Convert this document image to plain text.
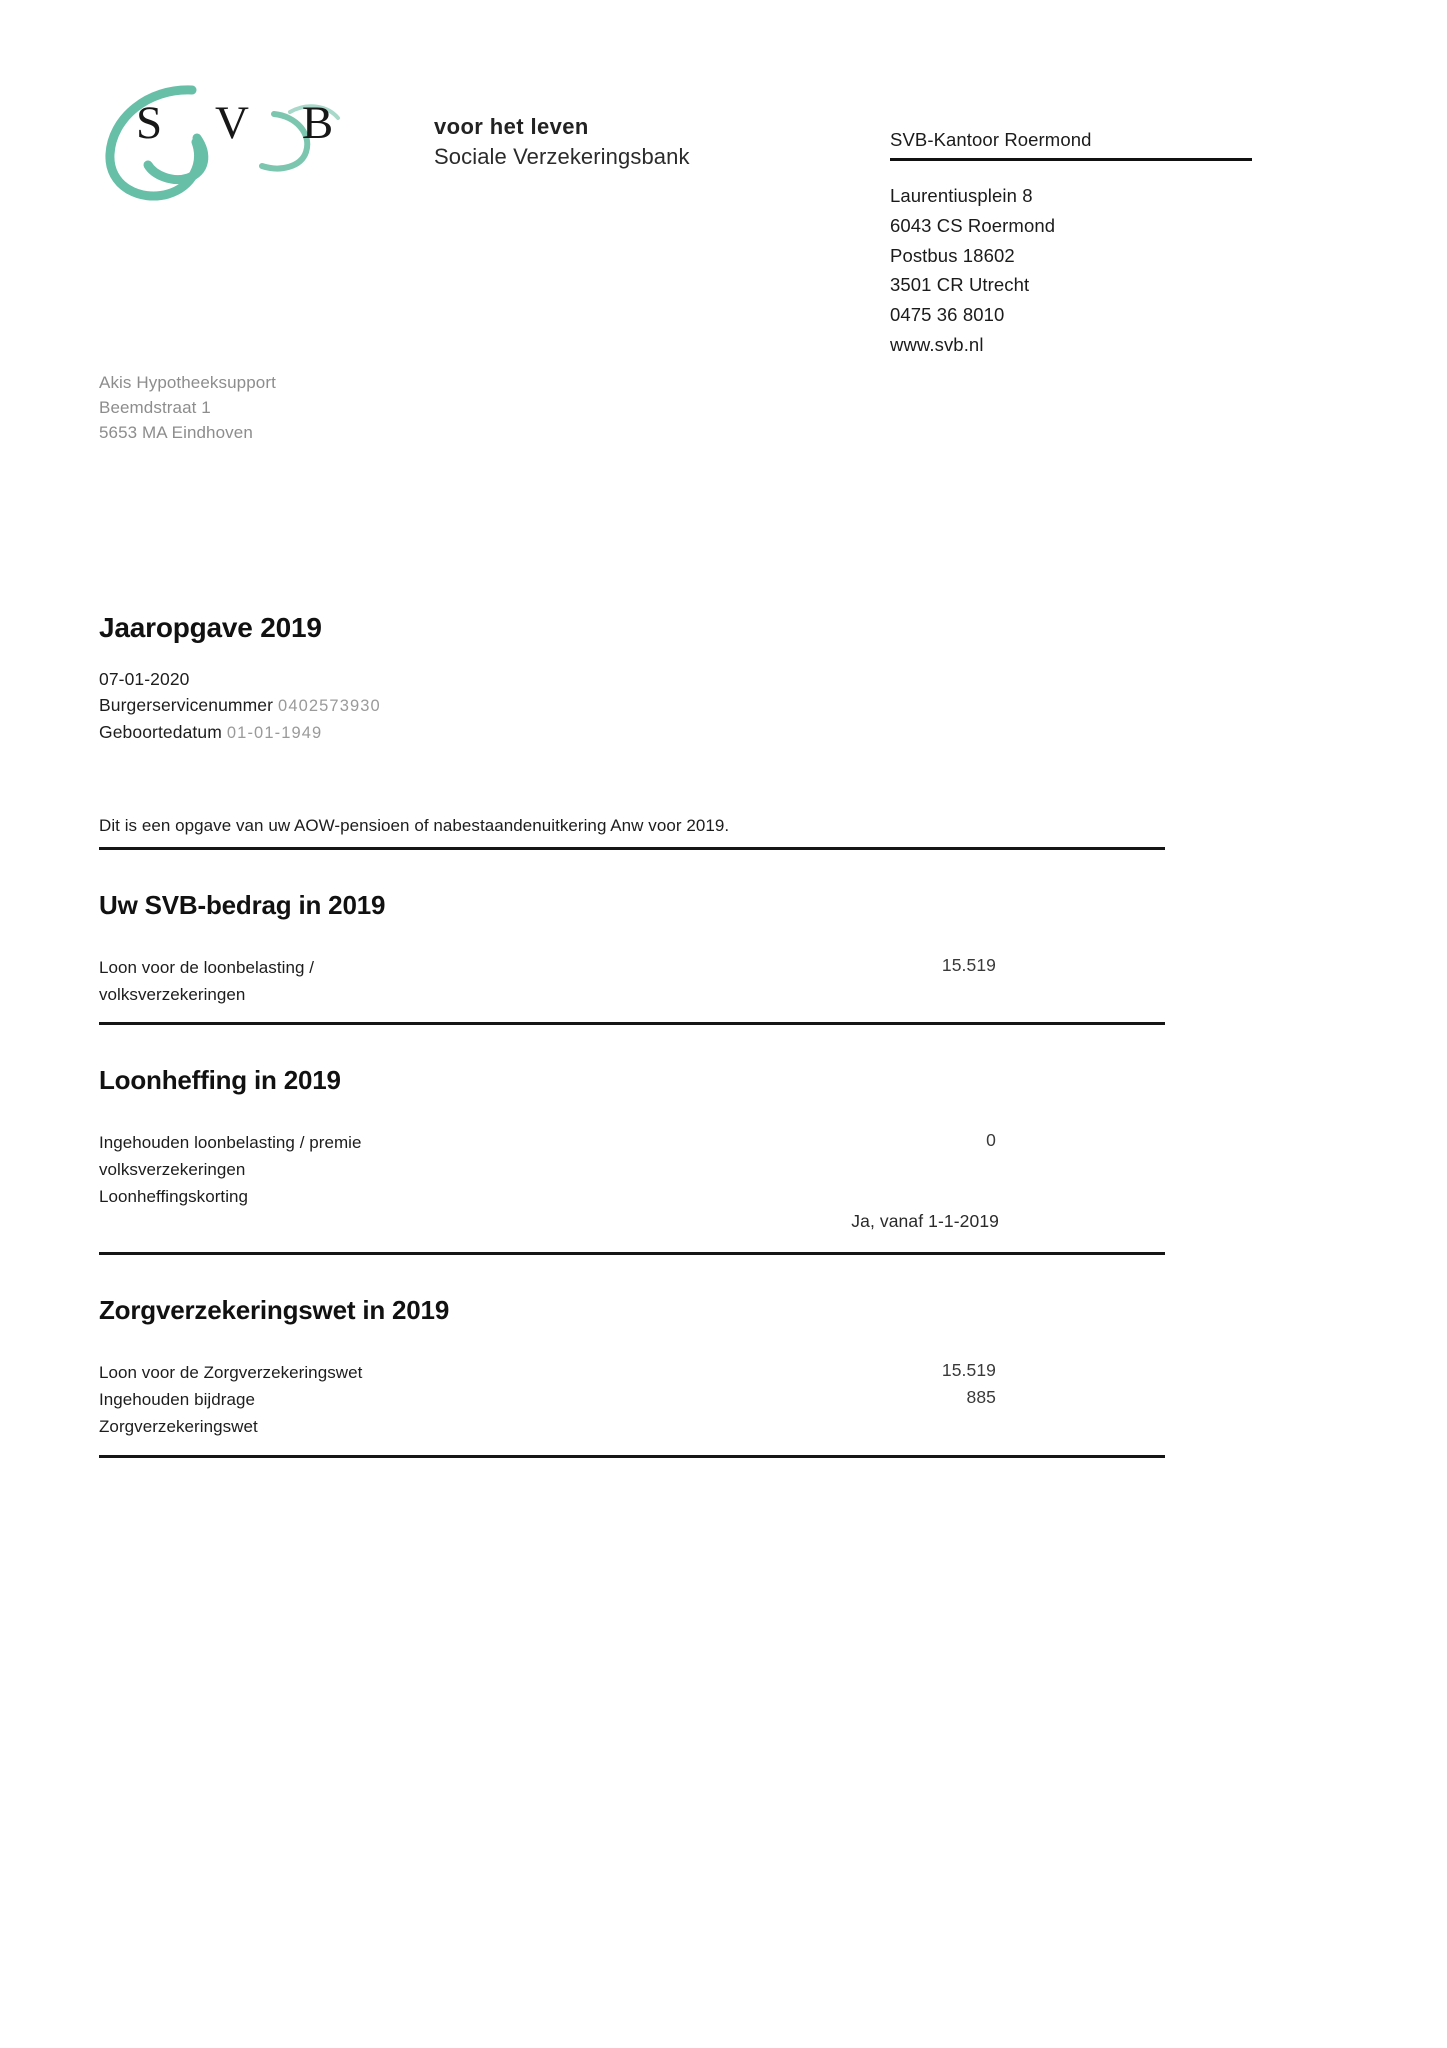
S V B	voor het leven
Sociale Verzekeringsbank
SVB-Kantoor Roermond
Laurentiusplein 8
6043 CS Roermond
Postbus 18602
3501 CR Utrecht
0475 36 8010
www.svb.nl
Akis Hypotheeksupport
Beemdstraat 1
5653 MA Eindhoven
Jaaropgave 2019
07-01-2020
Burgerservicenummer 0402573930
Geboortedatum 01-01-1949
Dit is een opgave van uw AOW-pensioen of nabestaandenuitkering Anw voor 2019.
Uw SVB-bedrag in 2019
Loon voor de loonbelasting /
volksverzekeringen
15.519
Loonheffing in 2019
Ingehouden loonbelasting / premie
volksverzekeringen
0
Loonheffingskorting
Ja, vanaf 1-1-2019
Zorgverzekeringswet in 2019
Loon voor de Zorgverzekeringswet	15.519
Ingehouden bijdrage
Zorgverzekeringswet
885
